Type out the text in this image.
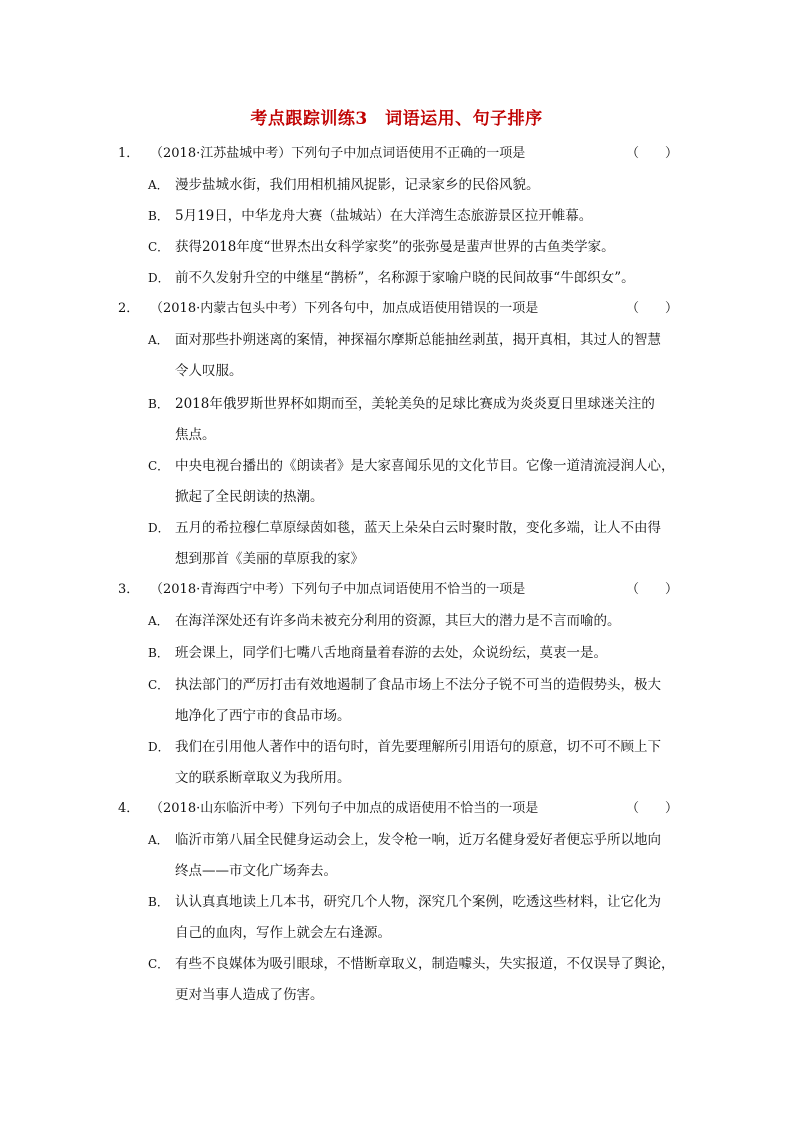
考点跟踪训练3　词语运用、句子排序
1． （2018·江苏盐城中考）下列句子中加点词语使用不正确的一项是	（　　）
A． 漫步盐城水街，我们用相机捕风捉影，记录家乡的民俗风貌。
B． 5月19日，中华龙舟大赛（盐城站）在大洋湾生态旅游景区拉开帷幕。
C． 获得2018年度“世界杰出女科学家奖”的张弥曼是蜚声世界的古鱼类学家。
D． 前不久发射升空的中继星“鹊桥”，名称源于家喻户晓的民间故事“牛郎织女”。
2． （2018·内蒙古包头中考）下列各句中，加点成语使用错误的一项是	（　　）
A． 面对那些扑朔迷离的案情，神探福尔摩斯总能抽丝剥茧，揭开真相，其过人的智慧
令人叹服。
B． 2018年俄罗斯世界杯如期而至，美轮美奂的足球比赛成为炎炎夏日里球迷关注的
焦点。
C． 中央电视台播出的《朗读者》是大家喜闻乐见的文化节目。它像一道清流浸润人心，
掀起了全民朗读的热潮。
D． 五月的希拉穆仁草原绿茵如毯，蓝天上朵朵白云时聚时散，变化多端，让人不由得
想到那首《美丽的草原我的家》
3． （2018·青海西宁中考）下列句子中加点词语使用不恰当的一项是	（　　）
A． 在海洋深处还有许多尚未被充分利用的资源，其巨大的潜力是不言而喻的。
B． 班会课上，同学们七嘴八舌地商量着春游的去处，众说纷纭，莫衷一是。
C． 执法部门的严厉打击有效地遏制了食品市场上不法分子锐不可当的造假势头，极大
地净化了西宁市的食品市场。
D． 我们在引用他人著作中的语句时，首先要理解所引用语句的原意，切不可不顾上下
文的联系断章取义为我所用。
4． （2018·山东临沂中考）下列句子中加点的成语使用不恰当的一项是	（　　）
A． 临沂市第八届全民健身运动会上，发令枪一响，近万名健身爱好者便忘乎所以地向
终点——市文化广场奔去。
B． 认认真真地读上几本书，研究几个人物，深究几个案例，吃透这些材料，让它化为
自己的血肉，写作上就会左右逢源。
C． 有些不良媒体为吸引眼球，不惜断章取义，制造噱头，失实报道，不仅误导了舆论，
更对当事人造成了伤害。
